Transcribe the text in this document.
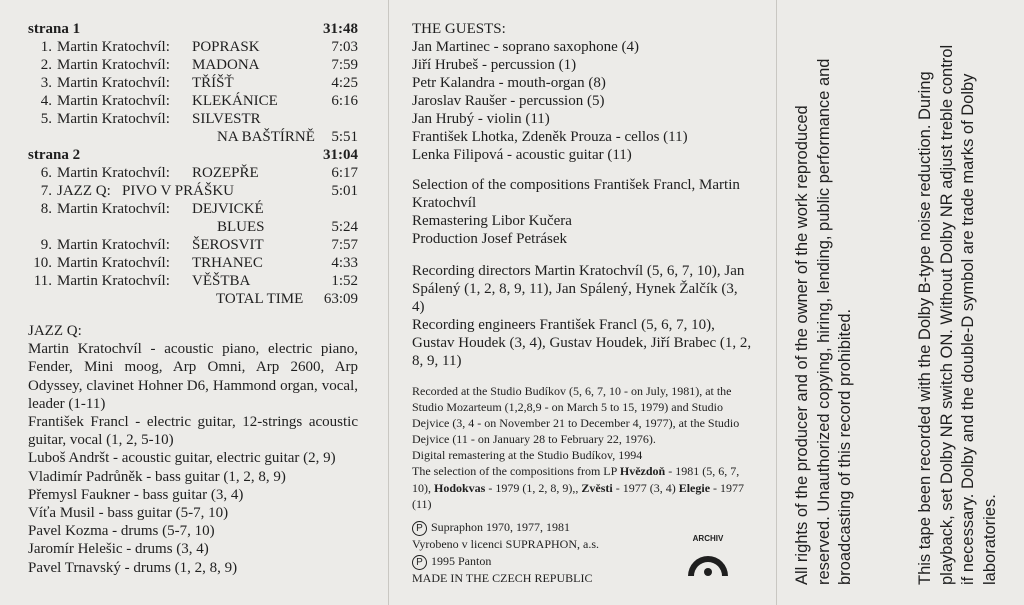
strana 1	31:48
1. Martin Kratochvíl: POPRASK	7:03
2. Martin Kratochvíl: MADONA	7:59
3. Martin Kratochvíl: TŘÍŠŤ	4:25
4. Martin Kratochvíl: KLEKÁNICE	6:16
5. Martin Kratochvíl: SILVESTR
NA BAŠTÍRNĚ 5:51
strana 2	31:04
6. Martin Kratochvíl: ROZEPŘE	6:17
7. JAZZ Q: PIVO V PRÁŠKU	5:01
8. Martin Kratochvíl: DEJVICKÉ
BLUES	5:24
9. Martin Kratochvíl: ŠEROSVIT	7:57
10. Martin Kratochvíl: TRHANEC	4:33
11. Martin Kratochvíl: VĚŠTBA	1:52
TOTAL TIME 63:09
JAZZ Q:

Martin Kratochvíl - acoustic piano, electric piano, Fender, Mini moog, Arp Omni, Arp 2600, Arp Odyssey, clavinet Hohner D6, Hammond organ, vocal, leader (1-11)

František Francl - electric guitar, 12-strings acoustic guitar, vocal (1, 2, 5-10)

Luboš Andršt - acoustic guitar, electric guitar (2, 9)

Vladimír Padrůněk - bass guitar (1, 2, 8, 9)

Přemysl Faukner - bass guitar (3, 4)

Víťa Musil - bass guitar (5-7, 10)

Pavel Kozma - drums (5-7, 10)

Jaromír Helešic - drums (3, 4)

Pavel Trnavský - drums (1, 2, 8, 9)

THE GUESTS:

Jan Martinec - soprano saxophone (4)

Jiří Hrubeš - percussion (1)

Petr Kalandra - mouth-organ (8)

Jaroslav Raušer - percussion (5)

Jan Hrubý - violin (11)

František Lhotka, Zdeněk Prouza - cellos (11)

Lenka Filipová - acoustic guitar (11)

Selection of the compositions František Francl, Martin Kratochvíl

Remastering Libor Kučera

Production Josef Petrásek

Recording directors Martin Kratochvíl (5, 6, 7, 10), Jan Spálený (1, 2, 8, 9, 11), Jan Spálený, Hynek Žalčík (3, 4)

Recording engineers František Francl (5, 6, 7, 10), Gustav Houdek (3, 4), Gustav Houdek, Jiří Brabec (1, 2, 8, 9, 11)

Recorded at the Studio Budíkov (5, 6, 7, 10 - on July, 1981), at the Studio Mozarteum (1,2,8,9 - on March 5 to 15, 1979) and Studio Dejvice (3, 4 - on November 21 to December 4, 1977), at the Studio Dejvice (11 - on January 28 to February 22, 1976).

Digital remastering at the Studio Budíkov, 1994

The selection of the compositions from LP Hvězdoň - 1981 (5, 6, 7, 10), Hodokvas - 1979 (1, 2, 8, 9),, Zvěsti - 1977 (3, 4) Elegie - 1977 (11)

P Supraphon 1970, 1977, 1981

Vyrobeno v licenci SUPRAPHON, a.s.

P 1995 Panton

MADE IN THE CZECH REPUBLIC

ARCHIV
SUPRAPHON	All rights of the producer and of the owner of the work reproduced reserved. Unauthorized copying, hiring, lending, public performance and broadcasting of this record prohibited.	This tape been recorded with the Dolby B-type noise reduction. During playback, set Dolby NR switch ON. Without Dolby NR adjust treble control if necessary. Dolby and the double-D symbol are trade marks of Dolby laboratories.
